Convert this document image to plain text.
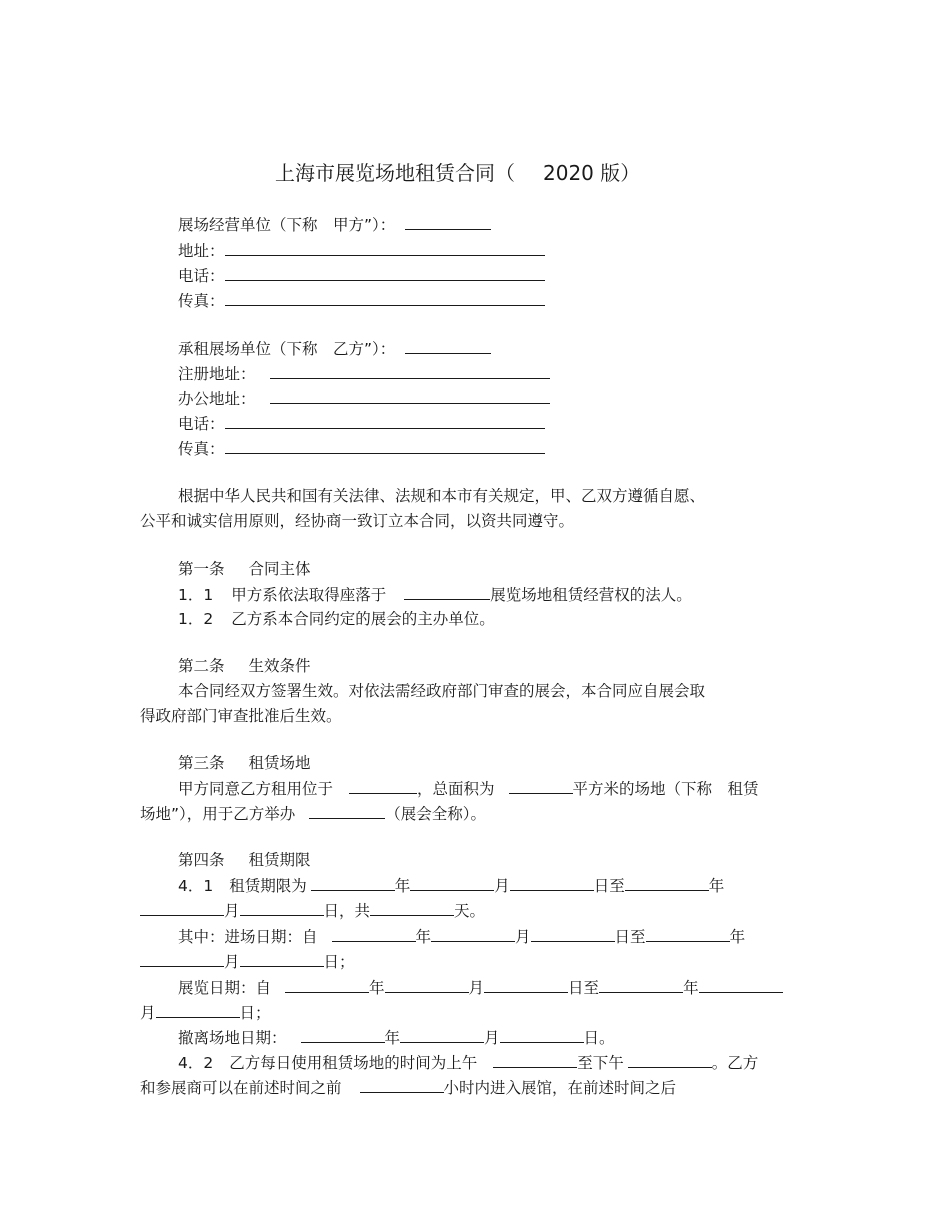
上海市展览场地租赁合同（ 2020 版）
展场经营单位（下称　甲方”）：
地址：
电话：
传真：
承租展场单位（下称　乙方”）：
注册地址：
办公地址：
电话：
传真：
根据中华人民共和国有关法律、法规和本市有关规定，甲、乙双方遵循自愿、
公平和诚实信用原则，经协商一致订立本合同，以资共同遵守。
第一条 合同主体
1．1 甲方系依法取得座落于	展览场地租赁经营权的法人。
1．2 乙方系本合同约定的展会的主办单位。
第二条 生效条件
本合同经双方签署生效。对依法需经政府部门审查的展会，本合同应自展会取
得政府部门审查批准后生效。
第三条 租赁场地
甲方同意乙方租用位于	，总面积为	平方米的场地（下称　租赁
场地”），用于乙方举办	（展会全称）。
第四条 租赁期限
4．1 租赁期限为	年	月	日至	年
月	日，共	天。
其中：进场日期：自	年	月	日至	年
月	日；
展览日期：自	年	月	日至	年
月	日；
撤离场地日期：	年	月	日。
4．2 乙方每日使用租赁场地的时间为上午	至下午	。乙方
和参展商可以在前述时间之前	小时内进入展馆，在前述时间之后
